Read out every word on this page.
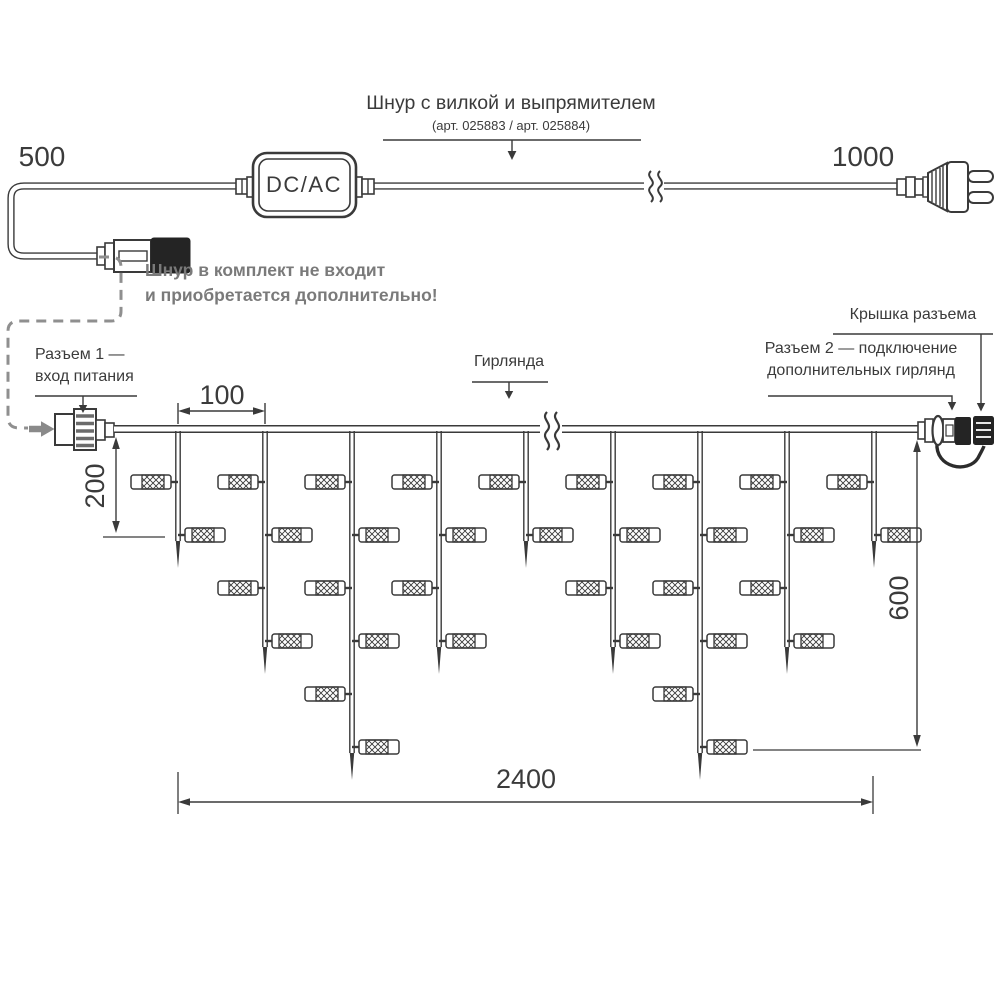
Шнур с вилкой и выпрямителем
(арт. 025883 / арт. 025884)
500	1000
DC/AC
Шнур в комплект не входит
и приобретается дополнительно!
Разъем 1 —
вход питания
Гирлянда
Разъем 2 — подключение
дополнительных гирлянд
Крышка разъема
100
200
600
2400
